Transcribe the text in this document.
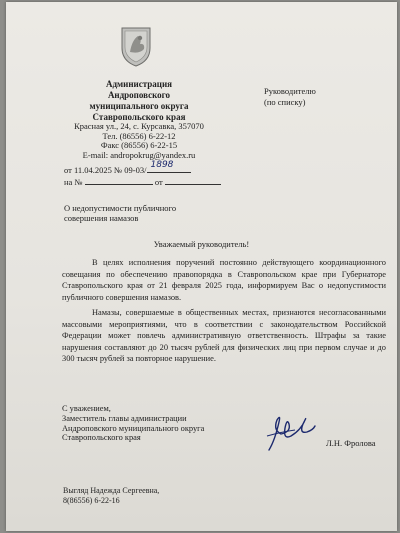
Администрация
Андроповского
муниципального округа
Ставропольского края
Красная ул., 24, с. Курсавка, 357070
Тел. (86556) 6-22-12
Факс (86556) 6-22-15
E-mail: andropokrug@yandex.ru
от 11.04.2025 № 09-03/ 1898
на №	от
Руководителю
(по списку)
О недопустимости публичного
совершения намазов
Уважаемый руководитель!
В целях исполнения поручений постоянно действующего координационного совещания по обеспечению правопорядка в Ставропольском крае при Губернаторе Ставропольского края от 21 февраля 2025 года, информируем Вас о недопустимости публичного совершения намазов.
Намазы, совершаемые в общественных местах, признаются несогласованными массовыми мероприятиями, что в соответствии с законодательством Российской Федерации может повлечь административную ответственность. Штрафы за такие нарушения составляют до 20 тысяч рублей для физических лиц при первом случае и до 300 тысяч рублей за повторное нарушение.
С уважением,
Заместитель главы администрации
Андроповского муниципального округа
Ставропольского края
Л.Н. Фролова
Выгляд Надежда Сергеевна,
8(86556) 6-22-16
